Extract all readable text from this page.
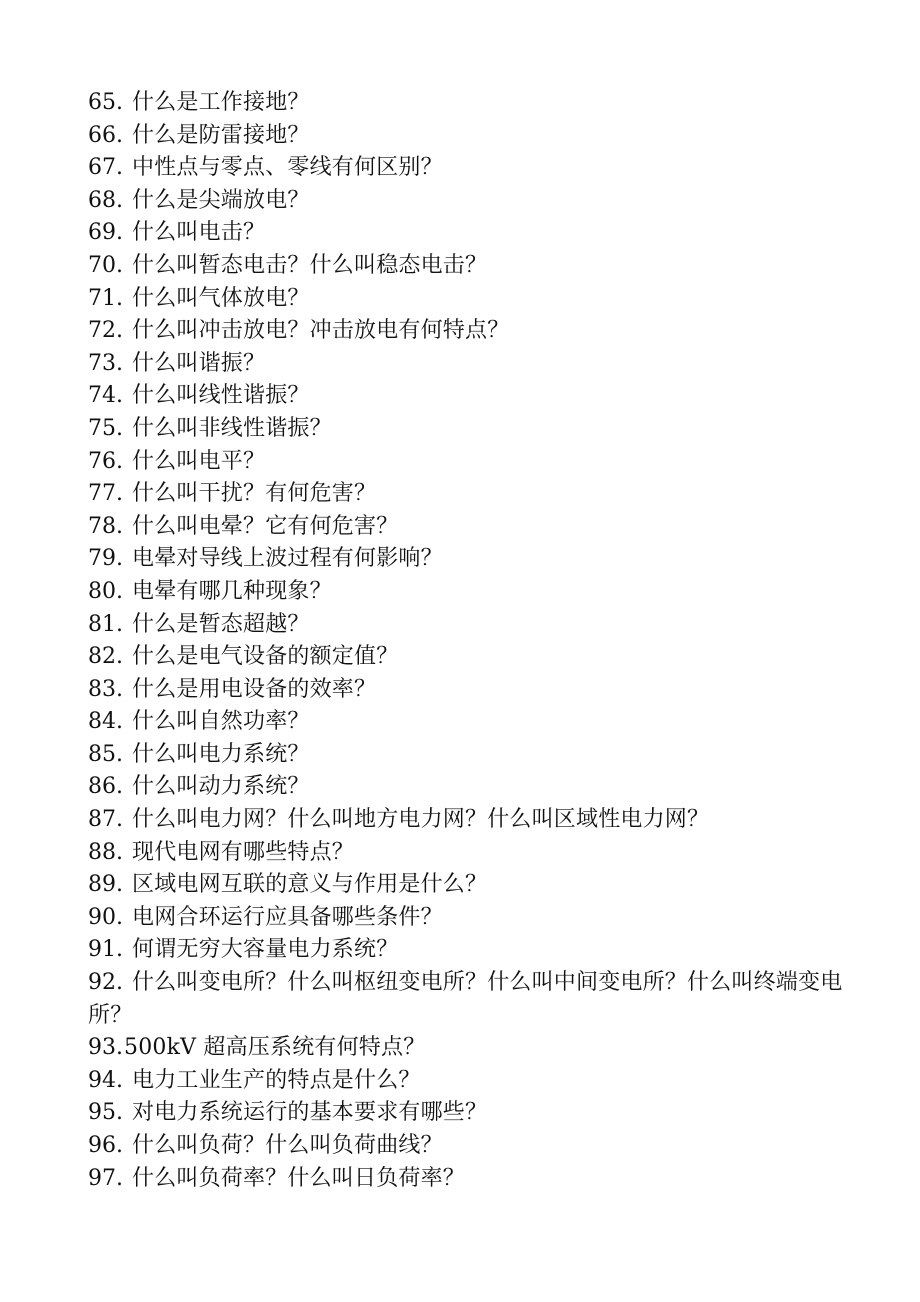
65. 什么是工作接地？
66. 什么是防雷接地？
67. 中性点与零点、零线有何区别？
68. 什么是尖端放电？
69. 什么叫电击？
70. 什么叫暂态电击？什么叫稳态电击？
71. 什么叫气体放电？
72. 什么叫冲击放电？冲击放电有何特点？
73. 什么叫谐振？
74. 什么叫线性谐振？
75. 什么叫非线性谐振？
76. 什么叫电平？
77. 什么叫干扰？有何危害？
78. 什么叫电晕？它有何危害？
79. 电晕对导线上波过程有何影响？
80. 电晕有哪几种现象？
81. 什么是暂态超越？
82. 什么是电气设备的额定值？
83. 什么是用电设备的效率？
84. 什么叫自然功率？
85. 什么叫电力系统？
86. 什么叫动力系统？
87. 什么叫电力网？什么叫地方电力网？什么叫区域性电力网？
88. 现代电网有哪些特点？
89. 区域电网互联的意义与作用是什么？
90. 电网合环运行应具备哪些条件？
91. 何谓无穷大容量电力系统？
92. 什么叫变电所？什么叫枢纽变电所？什么叫中间变电所？什么叫终端变电所？
93.500kV 超高压系统有何特点？
94. 电力工业生产的特点是什么？
95. 对电力系统运行的基本要求有哪些？
96. 什么叫负荷？什么叫负荷曲线？
97. 什么叫负荷率？什么叫日负荷率？
